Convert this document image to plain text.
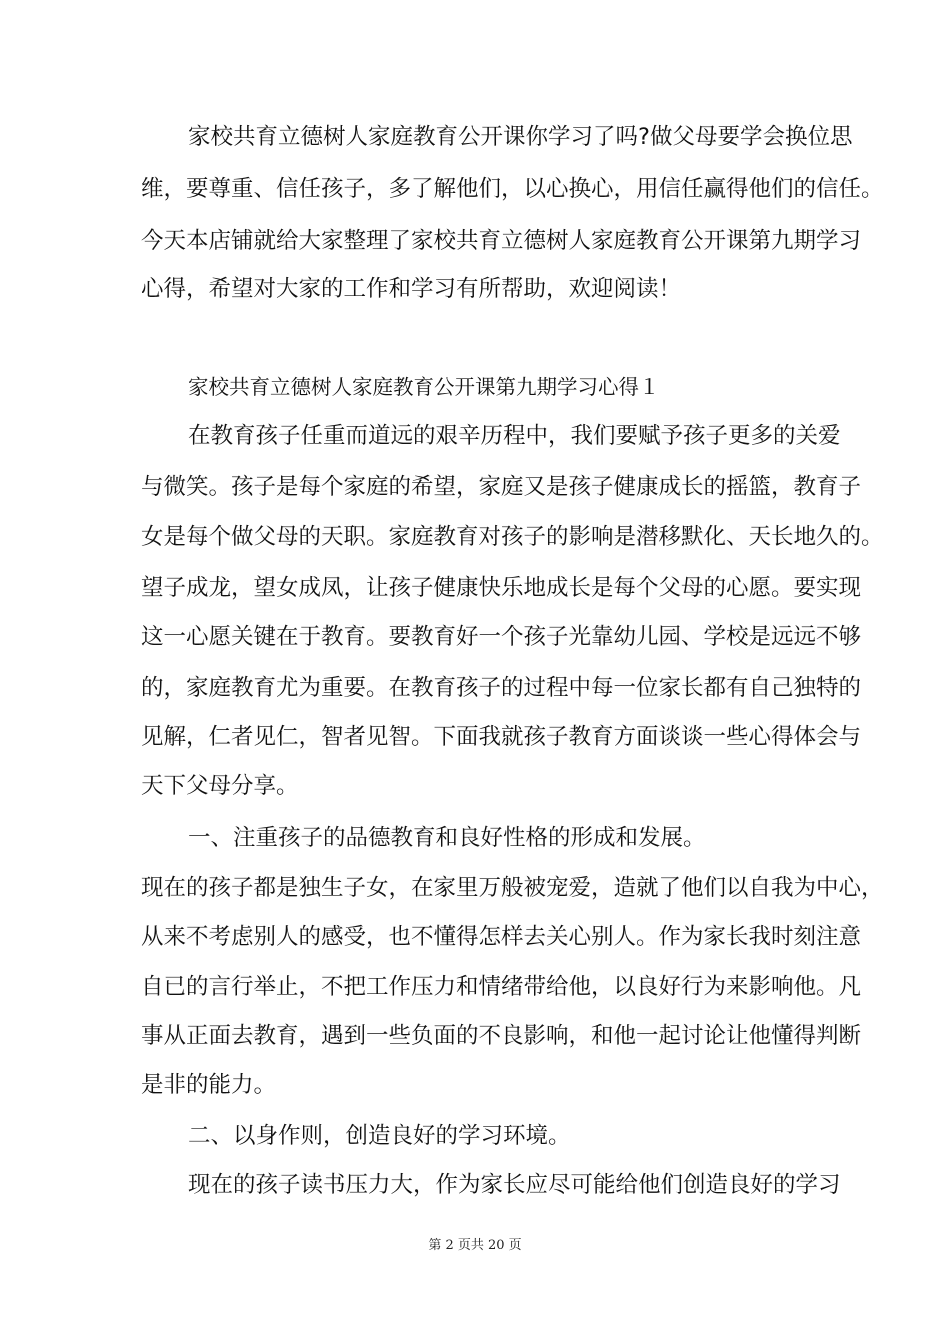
家校共育立德树人家庭教育公开课你学习了吗?做父母要学会换位思
维，要尊重、信任孩子，多了解他们，以心换心，用信任赢得他们的信任。
今天本店铺就给大家整理了家校共育立德树人家庭教育公开课第九期学习
心得，希望对大家的工作和学习有所帮助，欢迎阅读！
家校共育立德树人家庭教育公开课第九期学习心得１
在教育孩子任重而道远的艰辛历程中，我们要赋予孩子更多的关爱
与微笑。孩子是每个家庭的希望，家庭又是孩子健康成长的摇篮，教育子
女是每个做父母的天职。家庭教育对孩子的影响是潜移默化、天长地久的。
望子成龙，望女成凤，让孩子健康快乐地成长是每个父母的心愿。要实现
这一心愿关键在于教育。要教育好一个孩子光靠幼儿园、学校是远远不够
的，家庭教育尤为重要。在教育孩子的过程中每一位家长都有自己独特的
见解，仁者见仁，智者见智。下面我就孩子教育方面谈谈一些心得体会与
天下父母分享。
一、注重孩子的品德教育和良好性格的形成和发展。
现在的孩子都是独生子女，在家里万般被宠爱，造就了他们以自我为中心，
从来不考虑别人的感受，也不懂得怎样去关心别人。作为家长我时刻注意
自已的言行举止，不把工作压力和情绪带给他，以良好行为来影响他。凡
事从正面去教育，遇到一些负面的不良影响，和他一起讨论让他懂得判断
是非的能力。
二、以身作则，创造良好的学习环境。
现在的孩子读书压力大，作为家长应尽可能给他们创造良好的学习
第 2 页共 20 页
